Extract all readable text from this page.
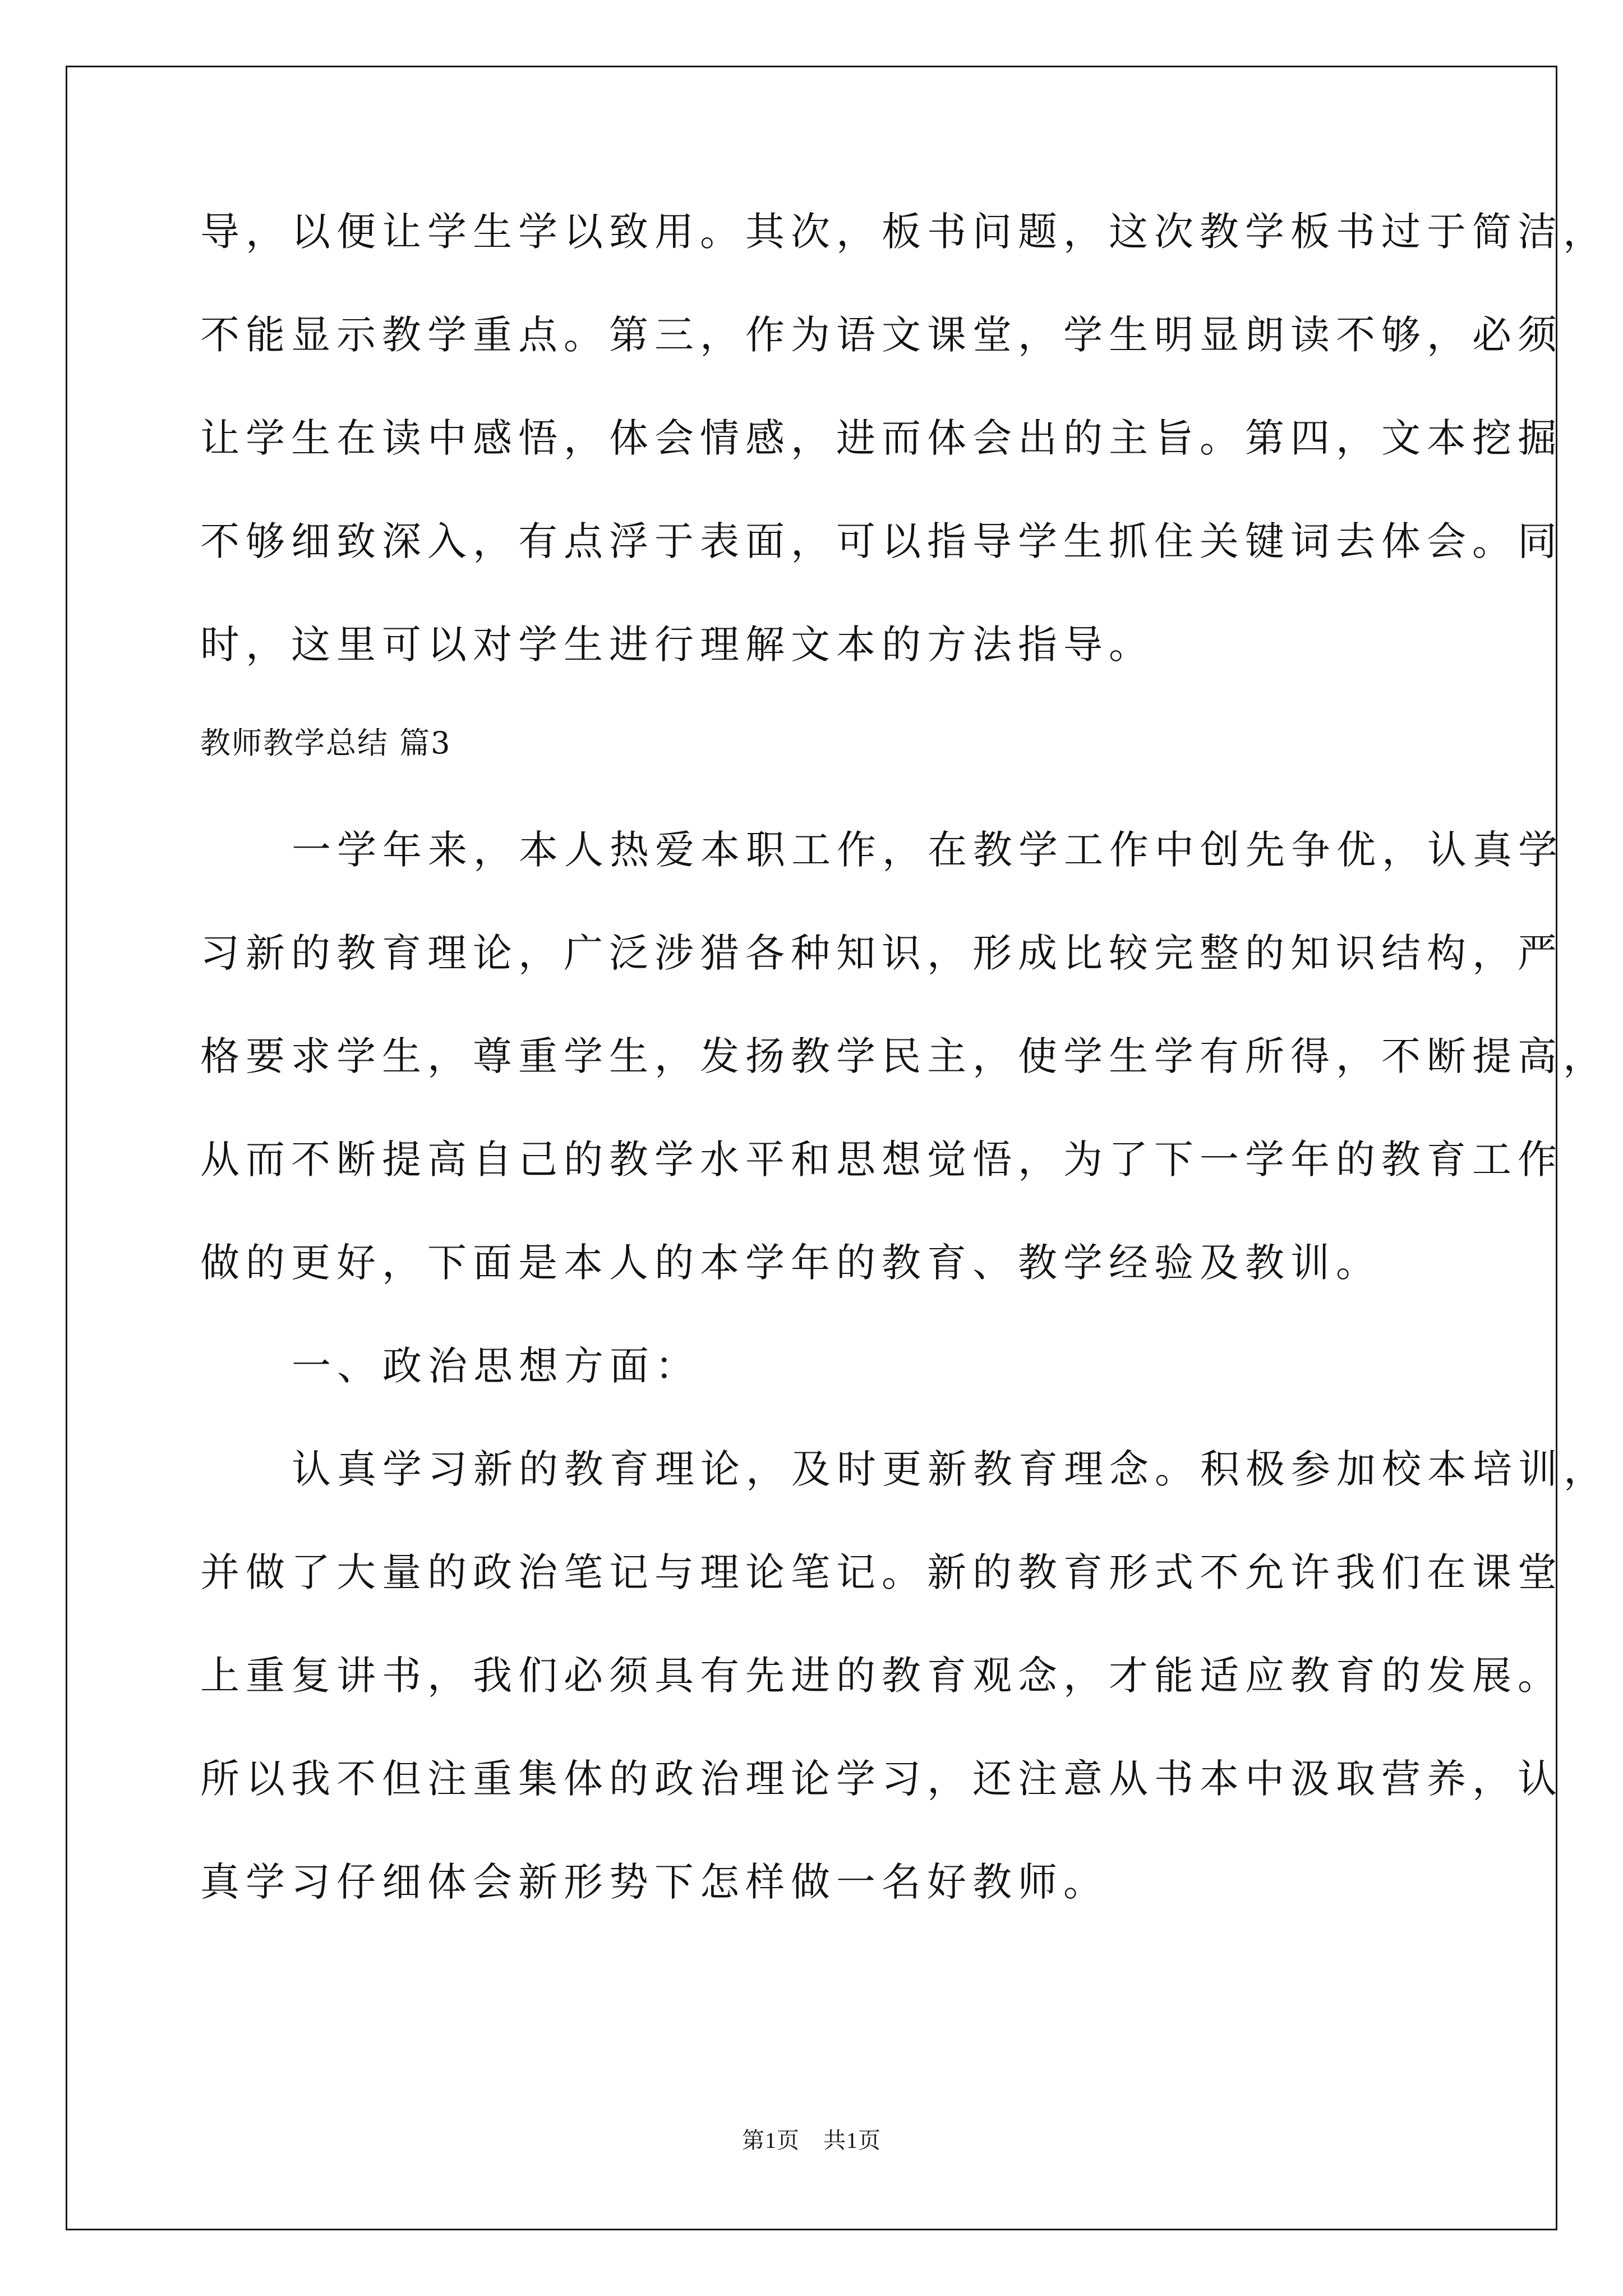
导，以便让学生学以致用。其次，板书问题，这次教学板书过于简洁，
不能显示教学重点。第三，作为语文课堂，学生明显朗读不够，必须
让学生在读中感悟，体会情感，进而体会出的主旨。第四，文本挖掘
不够细致深入，有点浮于表面，可以指导学生抓住关键词去体会。同
时，这里可以对学生进行理解文本的方法指导。
教师教学总结 篇3
一学年来，本人热爱本职工作，在教学工作中创先争优，认真学
习新的教育理论，广泛涉猎各种知识，形成比较完整的知识结构，严
格要求学生，尊重学生，发扬教学民主，使学生学有所得，不断提高，
从而不断提高自己的教学水平和思想觉悟，为了下一学年的教育工作
做的更好，下面是本人的本学年的教育、教学经验及教训。
一、政治思想方面：
认真学习新的教育理论，及时更新教育理念。积极参加校本培训，
并做了大量的政治笔记与理论笔记。新的教育形式不允许我们在课堂
上重复讲书，我们必须具有先进的教育观念，才能适应教育的发展。
所以我不但注重集体的政治理论学习，还注意从书本中汲取营养，认
真学习仔细体会新形势下怎样做一名好教师。
第1页 共1页
